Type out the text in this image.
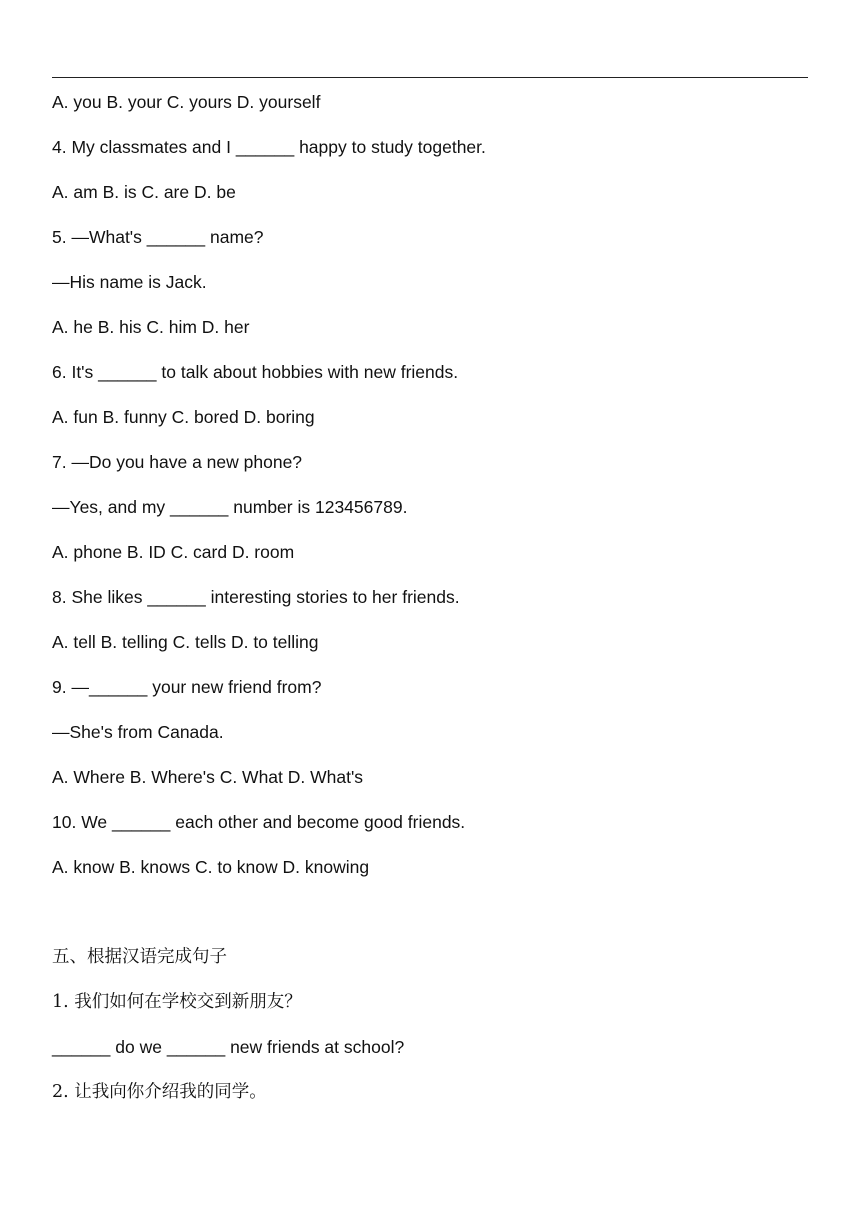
A. you B. your C. yours D. yourself
4. My classmates and I ______ happy to study together.
A. am B. is C. are D. be
5. —What's ______ name?
—His name is Jack.
A. he B. his C. him D. her
6. It's ______ to talk about hobbies with new friends.
A. fun B. funny C. bored D. boring
7. —Do you have a new phone?
—Yes, and my ______ number is 123456789.
A. phone B. ID C. card D. room
8. She likes ______ interesting stories to her friends.
A. tell B. telling C. tells D. to telling
9. —______ your new friend from?
—She's from Canada.
A. Where B. Where's C. What D. What's
10. We ______ each other and become good friends.
A. know B. knows C. to know D. knowing
五、根据汉语完成句子
1. 我们如何在学校交到新朋友？
______ do we ______ new friends at school?
2. 让我向你介绍我的同学。
